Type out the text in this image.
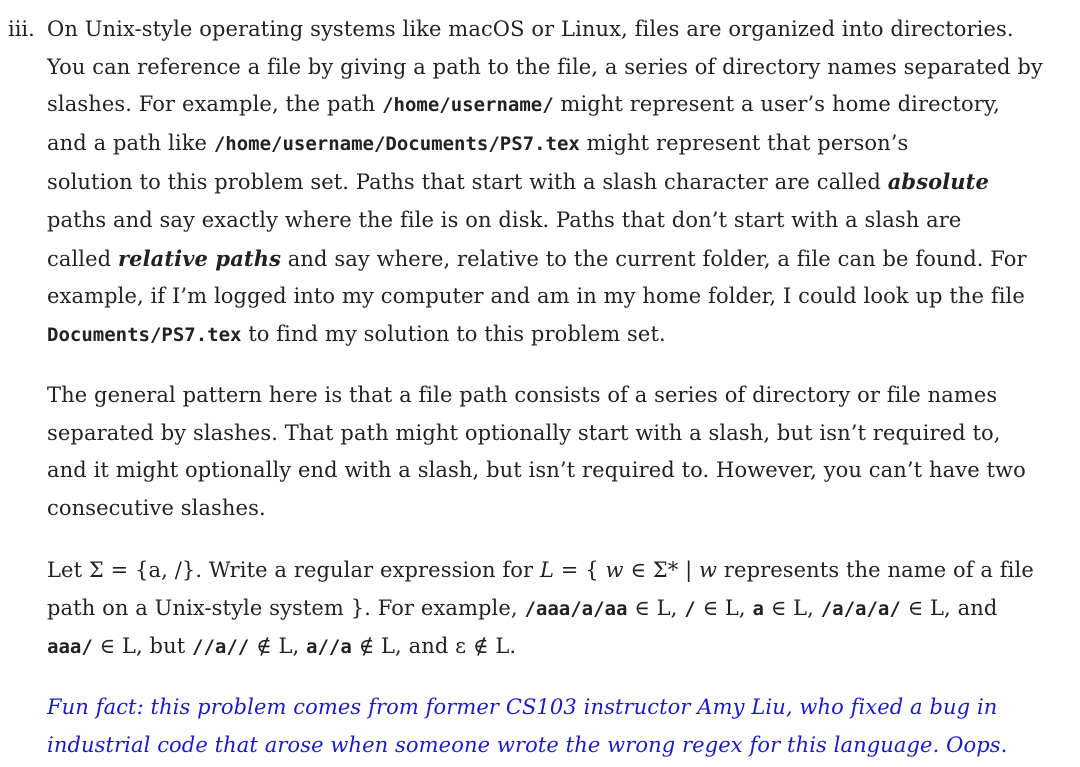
iii. On Unix-style operating systems like macOS or Linux, files are organized into directories.
You can reference a file by giving a path to the file, a series of directory names separated by
slashes. For example, the path /home/username/ might represent a user’s home directory,
and a path like /home/username/Documents/PS7.tex might represent that person’s
solution to this problem set. Paths that start with a slash character are called absolute
paths and say exactly where the file is on disk. Paths that don’t start with a slash are
called relative paths and say where, relative to the current folder, a file can be found. For
example, if I’m logged into my computer and am in my home folder, I could look up the file
Documents/PS7.tex to find my solution to this problem set.
The general pattern here is that a file path consists of a series of directory or file names
separated by slashes. That path might optionally start with a slash, but isn’t required to,
and it might optionally end with a slash, but isn’t required to. However, you can’t have two
consecutive slashes.
Let Σ = {a, /}. Write a regular expression for L = { w ∈ Σ* | w represents the name of a file
path on a Unix-style system }. For example, /aaa/a/aa ∈ L, / ∈ L, a ∈ L, /a/a/a/ ∈ L, and
aaa/ ∈ L, but //a// ∉ L, a//a ∉ L, and ε ∉ L.
Fun fact: this problem comes from former CS103 instructor Amy Liu, who fixed a bug in
industrial code that arose when someone wrote the wrong regex for this language. Oops.
